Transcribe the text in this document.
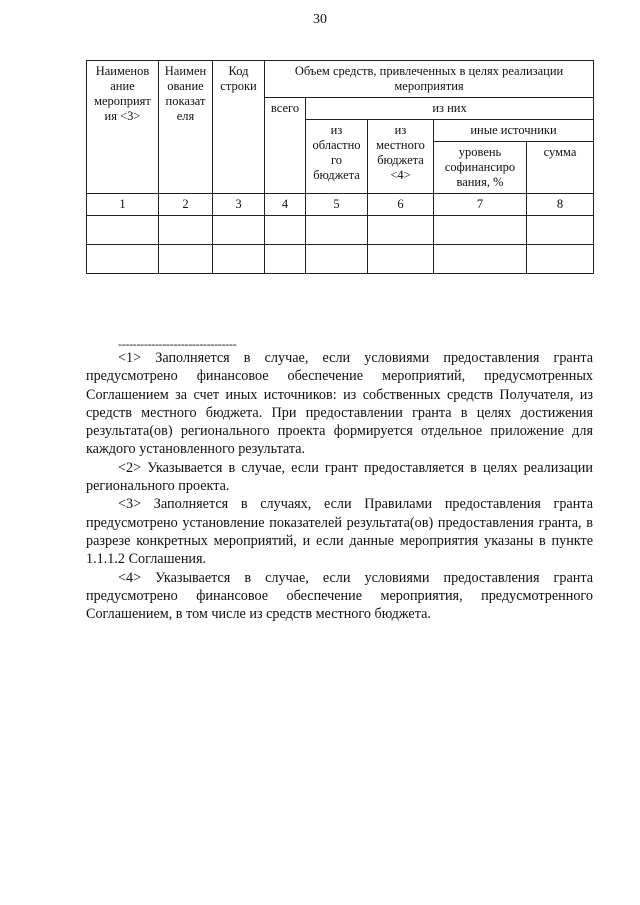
30
Наименов ание мероприят ия <3>	Наимен ование показат еля	Код строки	Объем средств, привлеченных в целях реализации мероприятия				
			всего	из них			
				из областно го бюджета	из местного бюджета <4>	иные источники	
						уровень софинансиро вания, %	сумма
1	2	3	4	5	6	7	8

--------------------------------

<1> Заполняется в случае, если условиями предоставления гранта предусмотрено финансовое обеспечение мероприятий, предусмотренных Соглашением за счет иных источников: из собственных средств Получателя, из средств местного бюджета. При предоставлении гранта в целях достижения результата(ов) регионального проекта формируется отдельное приложение для каждого установленного результата.

<2> Указывается в случае, если грант предоставляется в целях реализации регионального проекта.

<3> Заполняется в случаях, если Правилами предоставления гранта предусмотрено установление показателей результата(ов) предоставления гранта, в разрезе конкретных мероприятий, и если данные мероприятия указаны в пункте 1.1.1.2 Соглашения.

<4> Указывается в случае, если условиями предоставления гранта предусмотрено финансовое обеспечение мероприятия, предусмотренного Соглашением, в том числе из средств местного бюджета.
